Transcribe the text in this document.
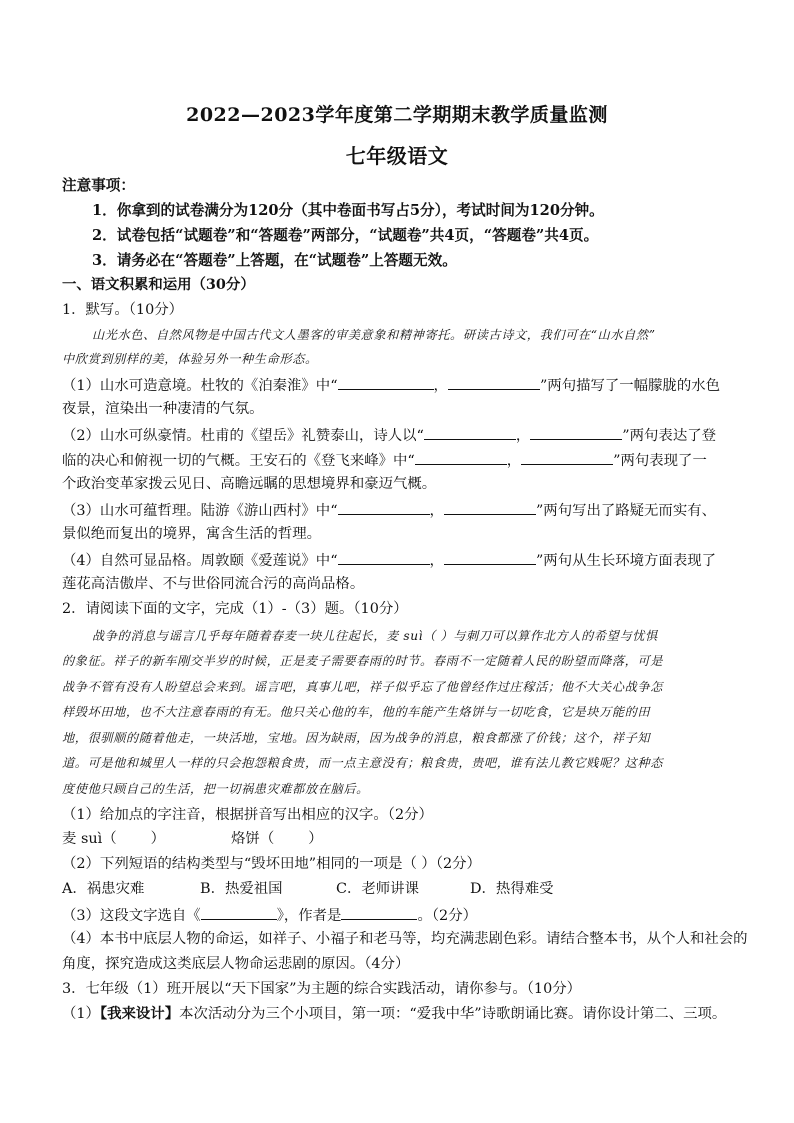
2022—2023学年度第二学期期末教学质量监测
七年级语文
注意事项：
1．你拿到的试卷满分为120分（其中卷面书写占5分），考试时间为120分钟。
2．试卷包括“试题卷”和“答题卷”两部分，“试题卷”共4页，“答题卷”共4页。
3．请务必在“答题卷”上答题，在“试题卷”上答题无效。
一、语文积累和运用（30分）
1．默写。（10分）
山光水色、自然风物是中国古代文人墨客的审美意象和精神寄托。研读古诗文，我们可在“山水自然”
中欣赏到别样的美，体验另外一种生命形态。
（1）山水可造意境。杜牧的《泊秦淮》中“	，	”两句描写了一幅朦胧的水色
夜景，渲染出一种凄清的气氛。
（2）山水可纵豪情。杜甫的《望岳》礼赞泰山，诗人以“	，	”两句表达了登
临的决心和俯视一切的气概。王安石的《登飞来峰》中“	，	”两句表现了一
个政治变革家拨云见日、高瞻远瞩的思想境界和豪迈气概。
（3）山水可蕴哲理。陆游《游山西村》中“	，	”两句写出了路疑无而实有、
景似绝而复出的境界，寓含生活的哲理。
（4）自然可显品格。周敦颐《爱莲说》中“	，	”两句从生长环境方面表现了
莲花高洁傲岸、不与世俗同流合污的高尚品格。
2．请阅读下面的文字，完成（1）-（3）题。（10分）
战争的消息与谣言几乎每年随着春麦一块儿往起长，麦 suì（ ）与刺刀可以算作北方人的希望与忧惧
的象征。祥子的新车刚交半岁的时候，正是麦子需要春雨的时节。春雨不一定随着人民的盼望而降落，可是
战争不管有没有人盼望总会来到。谣言吧，真事儿吧，祥子似乎忘了他曾经作过庄稼活；他不大关心战争怎
样毁坏田地，也不大注意春雨的有无。他只关心他的车，他的车能产生烙饼与一切吃食，它是块万能的田
地，很驯顺的随着他走，一块活地，宝地。因为缺雨，因为战争的消息，粮食都涨了价钱；这个，祥子知
道。可是他和城里人一样的只会抱怨粮食贵，而一点主意没有；粮食贵，贵吧，谁有法儿教它贱呢？这种态
度使他只顾自己的生活，把一切祸患灾难都放在脑后。
（1）给加点的字注音，根据拼音写出相应的汉字。（2分）
麦 suì（ ）	烙饼（ ）
（2）下列短语的结构类型与“毁坏田地”相同的一项是（ ）（2分）
A．祸患灾难	B．热爱祖国	C．老师讲课	D．热得难受
（3）这段文字选自《	》，作者是	。（2分）
（4）本书中底层人物的命运，如祥子、小福子和老马等，均充满悲剧色彩。请结合整本书，从个人和社会的
角度，探究造成这类底层人物命运悲剧的原因。（4分）
3．七年级（1）班开展以“天下国家”为主题的综合实践活动，请你参与。（10分）
（1）【我来设计】本次活动分为三个小项目，第一项：“爱我中华”诗歌朗诵比赛。请你设计第二、三项。
